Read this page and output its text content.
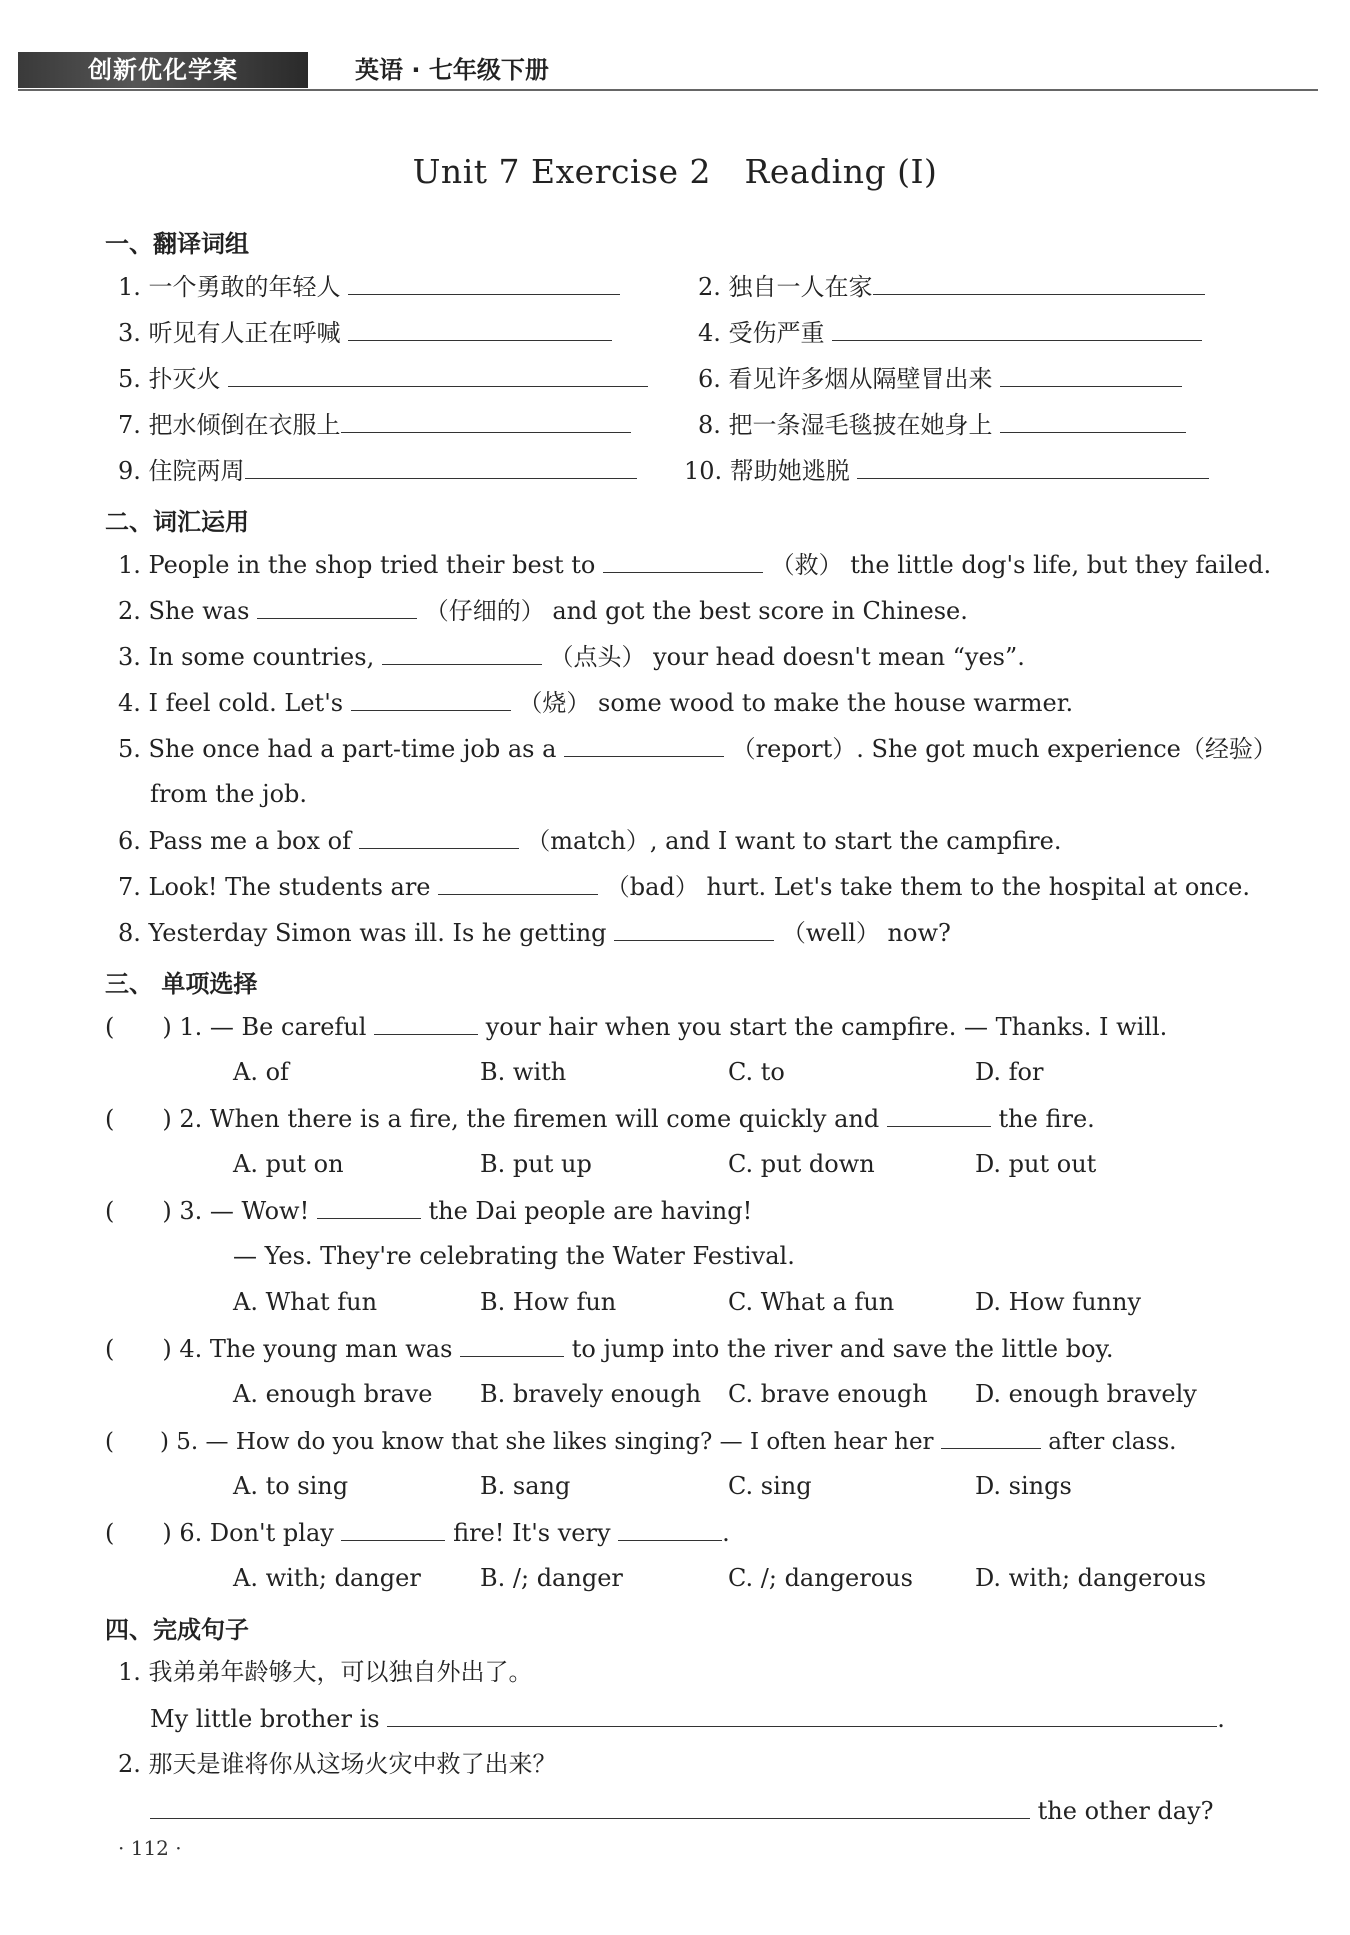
创新优化学案	英语 · 七年级下册
Unit 7 Exercise 2　Reading (Ⅰ)
一、翻译词组
1. 一个勇敢的年轻人	2. 独自一人在家
3. 听见有人正在呼喊	4. 受伤严重
5. 扑灭火	6. 看见许多烟从隔壁冒出来
7. 把水倾倒在衣服上	8. 把一条湿毛毯披在她身上
9. 住院两周	10. 帮助她逃脱
二、词汇运用
1. People in the shop tried their best to	（救） the little dog's life, but they failed.
2. She was	（仔细的） and got the best score in Chinese.
3. In some countries,	（点头） your head doesn't mean “yes”.
4. I feel cold. Let's	（烧） some wood to make the house warmer.
5. She once had a part-time job as a	（report）. She got much experience（经验）
from the job.
6. Pass me a box of	（match）, and I want to start the campfire.
7. Look! The students are	（bad） hurt. Let's take them to the hospital at once.
8. Yesterday Simon was ill. Is he getting	（well） now?
三、 单项选择
(　　) 1. — Be careful	your hair when you start the campfire. — Thanks. I will.
A. of	B. with	C. to	D. for
(　　) 2. When there is a fire, the firemen will come quickly and	the fire.
A. put on	B. put up	C. put down	D. put out
(　　) 3. — Wow!	the Dai people are having!
— Yes. They're celebrating the Water Festival.
A. What fun	B. How fun	C. What a fun	D. How funny
(　　) 4. The young man was	to jump into the river and save the little boy.
A. enough brave B. bravely enough C. brave enough D. enough bravely
(　　) 5. — How do you know that she likes singing? — I often hear her	after class.
A. to sing	B. sang	C. sing	D. sings
(　　) 6. Don't play	fire! It's very	.
A. with; danger B. /; danger	C. /; dangerous	D. with; dangerous
四、完成句子
1. 我弟弟年龄够大，可以独自外出了。
My little brother is	.
2. 那天是谁将你从这场火灾中救了出来？
the other day?
· 112 ·
